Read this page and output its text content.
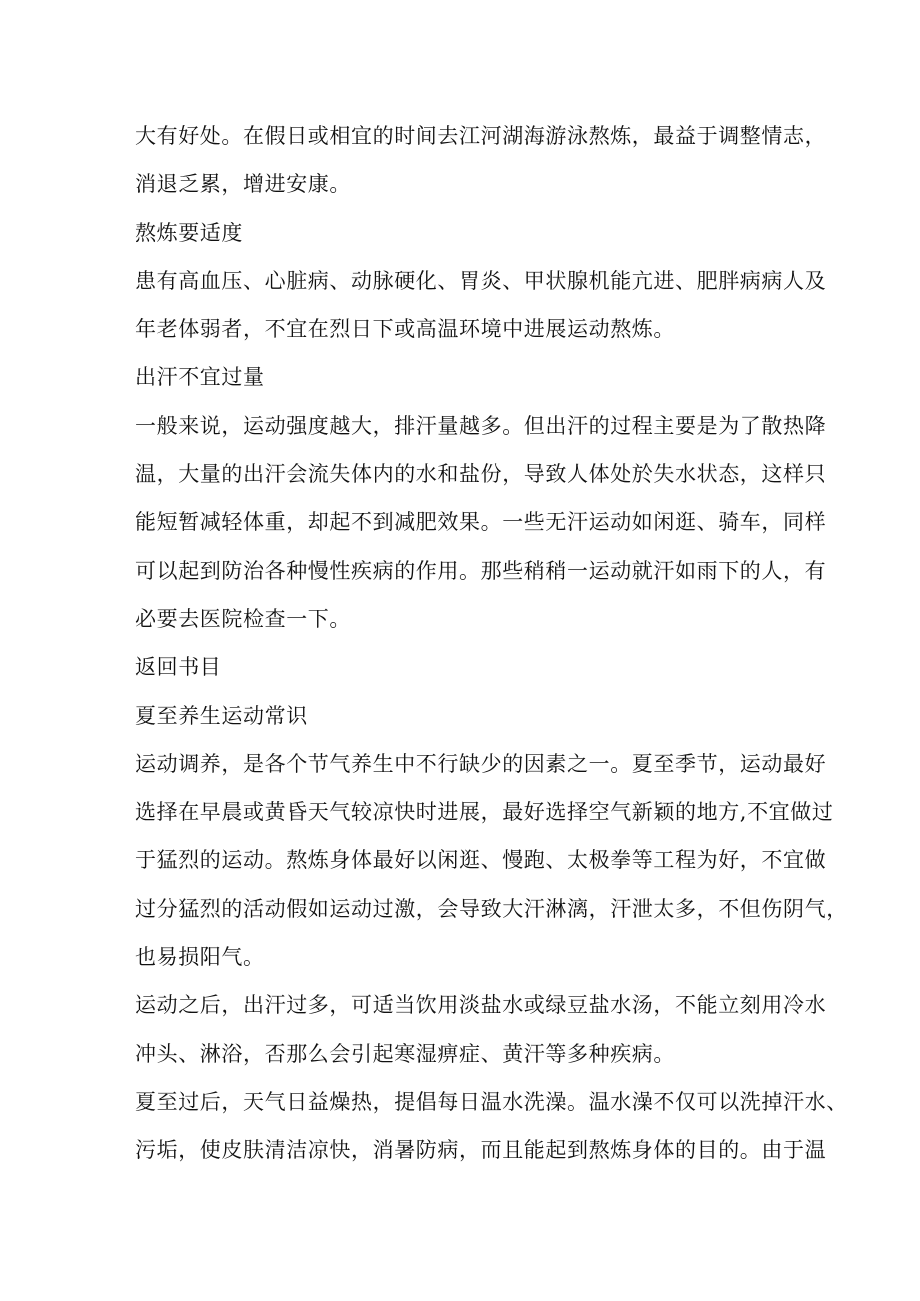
大有好处。在假日或相宜的时间去江河湖海游泳熬炼，最益于调整情志，
消退乏累，增进安康。

熬炼要适度

患有高血压、心脏病、动脉硬化、胃炎、甲状腺机能亢进、肥胖病病人及
年老体弱者，不宜在烈日下或高温环境中进展运动熬炼。

出汗不宜过量

一般来说，运动强度越大，排汗量越多。但出汗的过程主要是为了散热降
温，大量的出汗会流失体内的水和盐份，导致人体处於失水状态，这样只
能短暂减轻体重，却起不到减肥效果。一些无汗运动如闲逛、骑车，同样
可以起到防治各种慢性疾病的作用。那些稍稍一运动就汗如雨下的人，有
必要去医院检查一下。

返回书目

夏至养生运动常识

运动调养，是各个节气养生中不行缺少的因素之一。夏至季节，运动最好
选择在早晨或黄昏天气较凉快时进展，最好选择空气新颖的地方,不宜做过
于猛烈的运动。熬炼身体最好以闲逛、慢跑、太极拳等工程为好，不宜做
过分猛烈的活动假如运动过激，会导致大汗淋漓，汗泄太多，不但伤阴气，
也易损阳气。

运动之后，出汗过多，可适当饮用淡盐水或绿豆盐水汤，不能立刻用冷水
冲头、淋浴，否那么会引起寒湿痹症、黄汗等多种疾病。

夏至过后，天气日益燥热，提倡每日温水洗澡。温水澡不仅可以洗掉汗水、
污垢，使皮肤清洁凉快，消暑防病，而且能起到熬炼身体的目的。由于温
